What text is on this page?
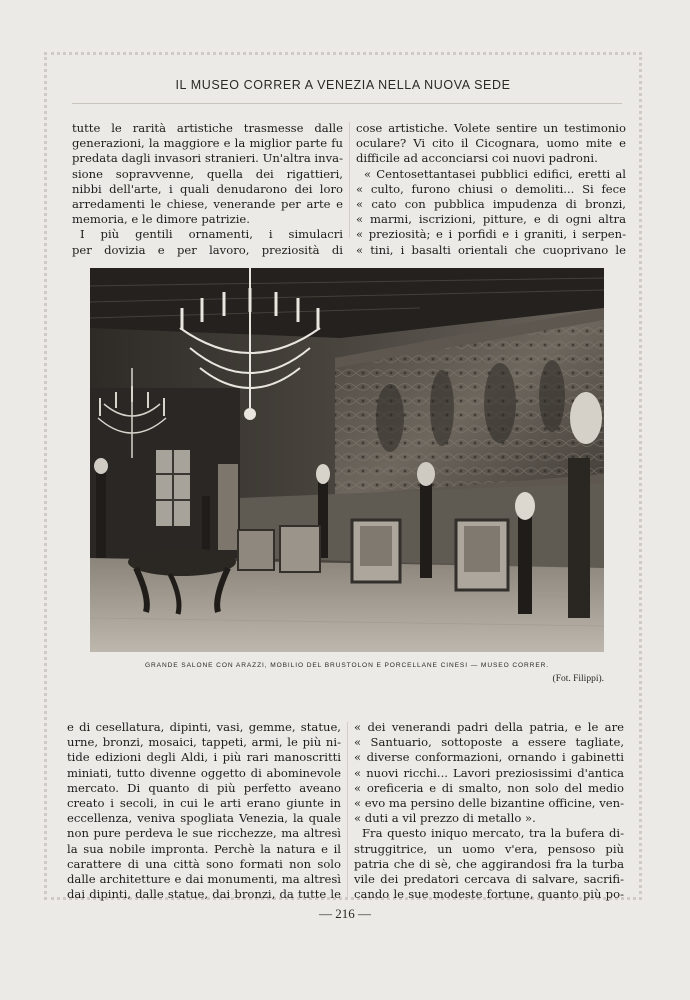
IL MUSEO CORRER A VENEZIA NELLA NUOVA SEDE
tutte le rarità artistiche trasmesse dalle
generazioni, la maggiore e la miglior parte fu
predata dagli invasori stranieri. Un'altra inva-
sione sopravvenne, quella dei rigattieri,
nibbi dell'arte, i quali denudarono dei loro
arredamenti le chiese, venerande per arte e
memoria, e le dimore patrizie.
I più gentili ornamenti, i simulacri
per dovizia e per lavoro, preziosità di
cose artistiche. Volete sentire un testimonio
oculare? Vi cito il Cicognara, uomo mite e
difficile ad acconciarsi coi nuovi padroni.
« Centosettantasei pubblici edifici, eretti al
« culto, furono chiusi o demoliti... Si fece
« cato con pubblica impudenza di bronzi,
« marmi, iscrizioni, pitture, e di ogni altra
« preziosità; e i porfidi e i graniti, i serpen-
« tini, i basalti orientali che cuoprivano le
GRANDE SALONE CON ARAZZI, MOBILIO DEL BRUSTOLON E PORCELLANE CINESI — MUSEO CORRER.
(Fot. Filippi).
e di cesellatura, dipinti, vasi, gemme, statue,
urne, bronzi, mosaici, tappeti, armi, le più ni-
tide edizioni degli Aldi, i più rari manoscritti
miniati, tutto divenne oggetto di abominevole
mercato. Di quanto di più perfetto aveano
creato i secoli, in cui le arti erano giunte in
eccellenza, veniva spogliata Venezia, la quale
non pure perdeva le sue ricchezze, ma altresì
la sua nobile impronta. Perchè la natura e il
carattere di una città sono formati non solo
dalle architetture e dai monumenti, ma altresì
dai dipinti, dalle statue, dai bronzi, da tutte le
« dei venerandi padri della patria, e le are
« Santuario, sottoposte a essere tagliate,
« diverse conformazioni, ornando i gabinetti
« nuovi ricchi... Lavori preziosissimi d'antica
« oreficeria e di smalto, non solo del medio
« evo ma persino delle bizantine officine, ven-
« duti a vil prezzo di metallo ».
Fra questo iniquo mercato, tra la bufera di-
struggitrice, un uomo v'era, pensoso più
patria che di sè, che aggirandosi fra la turba
vile dei predatori cercava di salvare, sacrifi-
cando le sue modeste fortune, quanto più po-
— 216 —
